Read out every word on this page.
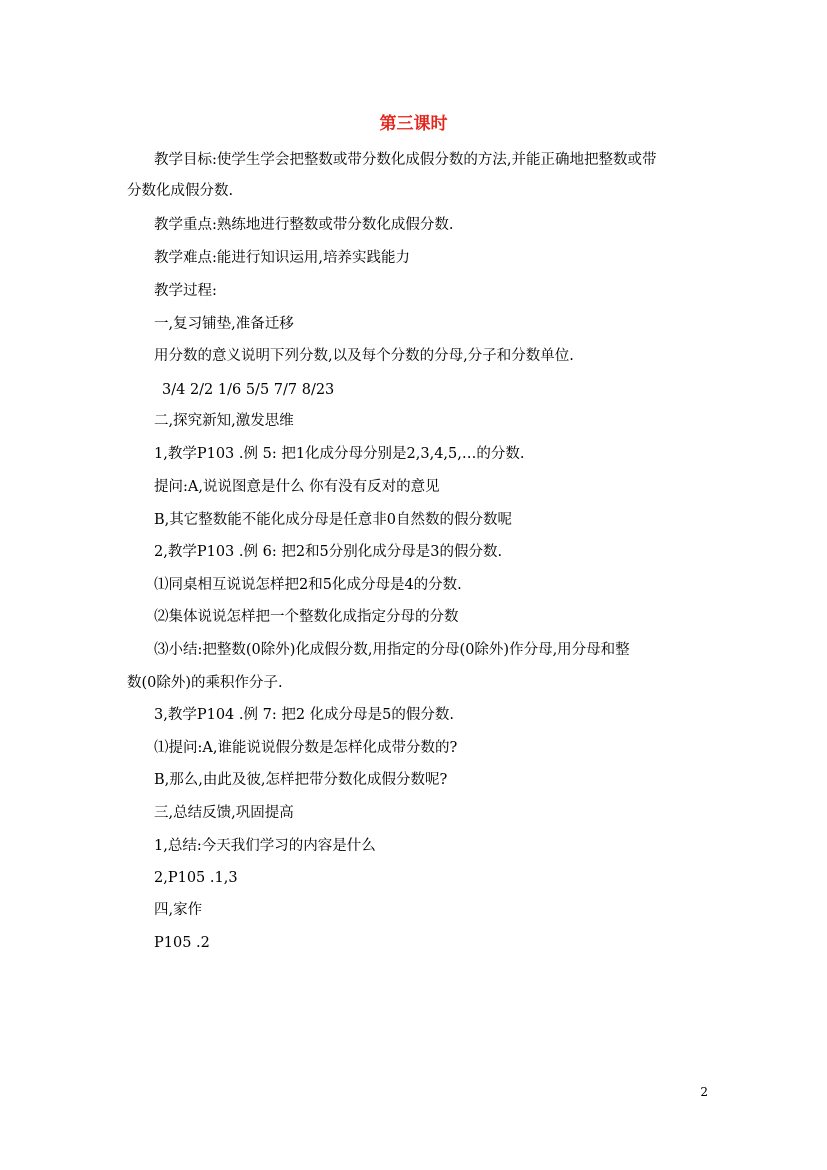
第三课时
教学目标:使学生学会把整数或带分数化成假分数的方法,并能正确地把整数或带
分数化成假分数.
教学重点:熟练地进行整数或带分数化成假分数.
教学难点:能进行知识运用,培养实践能力
教学过程:
一,复习铺垫,准备迁移
用分数的意义说明下列分数,以及每个分数的分母,分子和分数单位.
3/4 2/2 1/6 5/5 7/7 8/23
二,探究新知,激发思维
1,教学P103 .例 5: 把1化成分母分别是2,3,4,5,…的分数.
提问:A,说说图意是什么 你有没有反对的意见
B,其它整数能不能化成分母是任意非0自然数的假分数呢
2,教学P103 .例 6: 把2和5分别化成分母是3的假分数.
⑴同桌相互说说怎样把2和5化成分母是4的分数.
⑵集体说说怎样把一个整数化成指定分母的分数
⑶小结:把整数(0除外)化成假分数,用指定的分母(0除外)作分母,用分母和整
数(0除外)的乘积作分子.
3,教学P104 .例 7: 把2 化成分母是5的假分数.
⑴提问:A,谁能说说假分数是怎样化成带分数的?
B,那么,由此及彼,怎样把带分数化成假分数呢?
三,总结反馈,巩固提高
1,总结:今天我们学习的内容是什么
2,P105 .1,3
四,家作
P105 .2
2
